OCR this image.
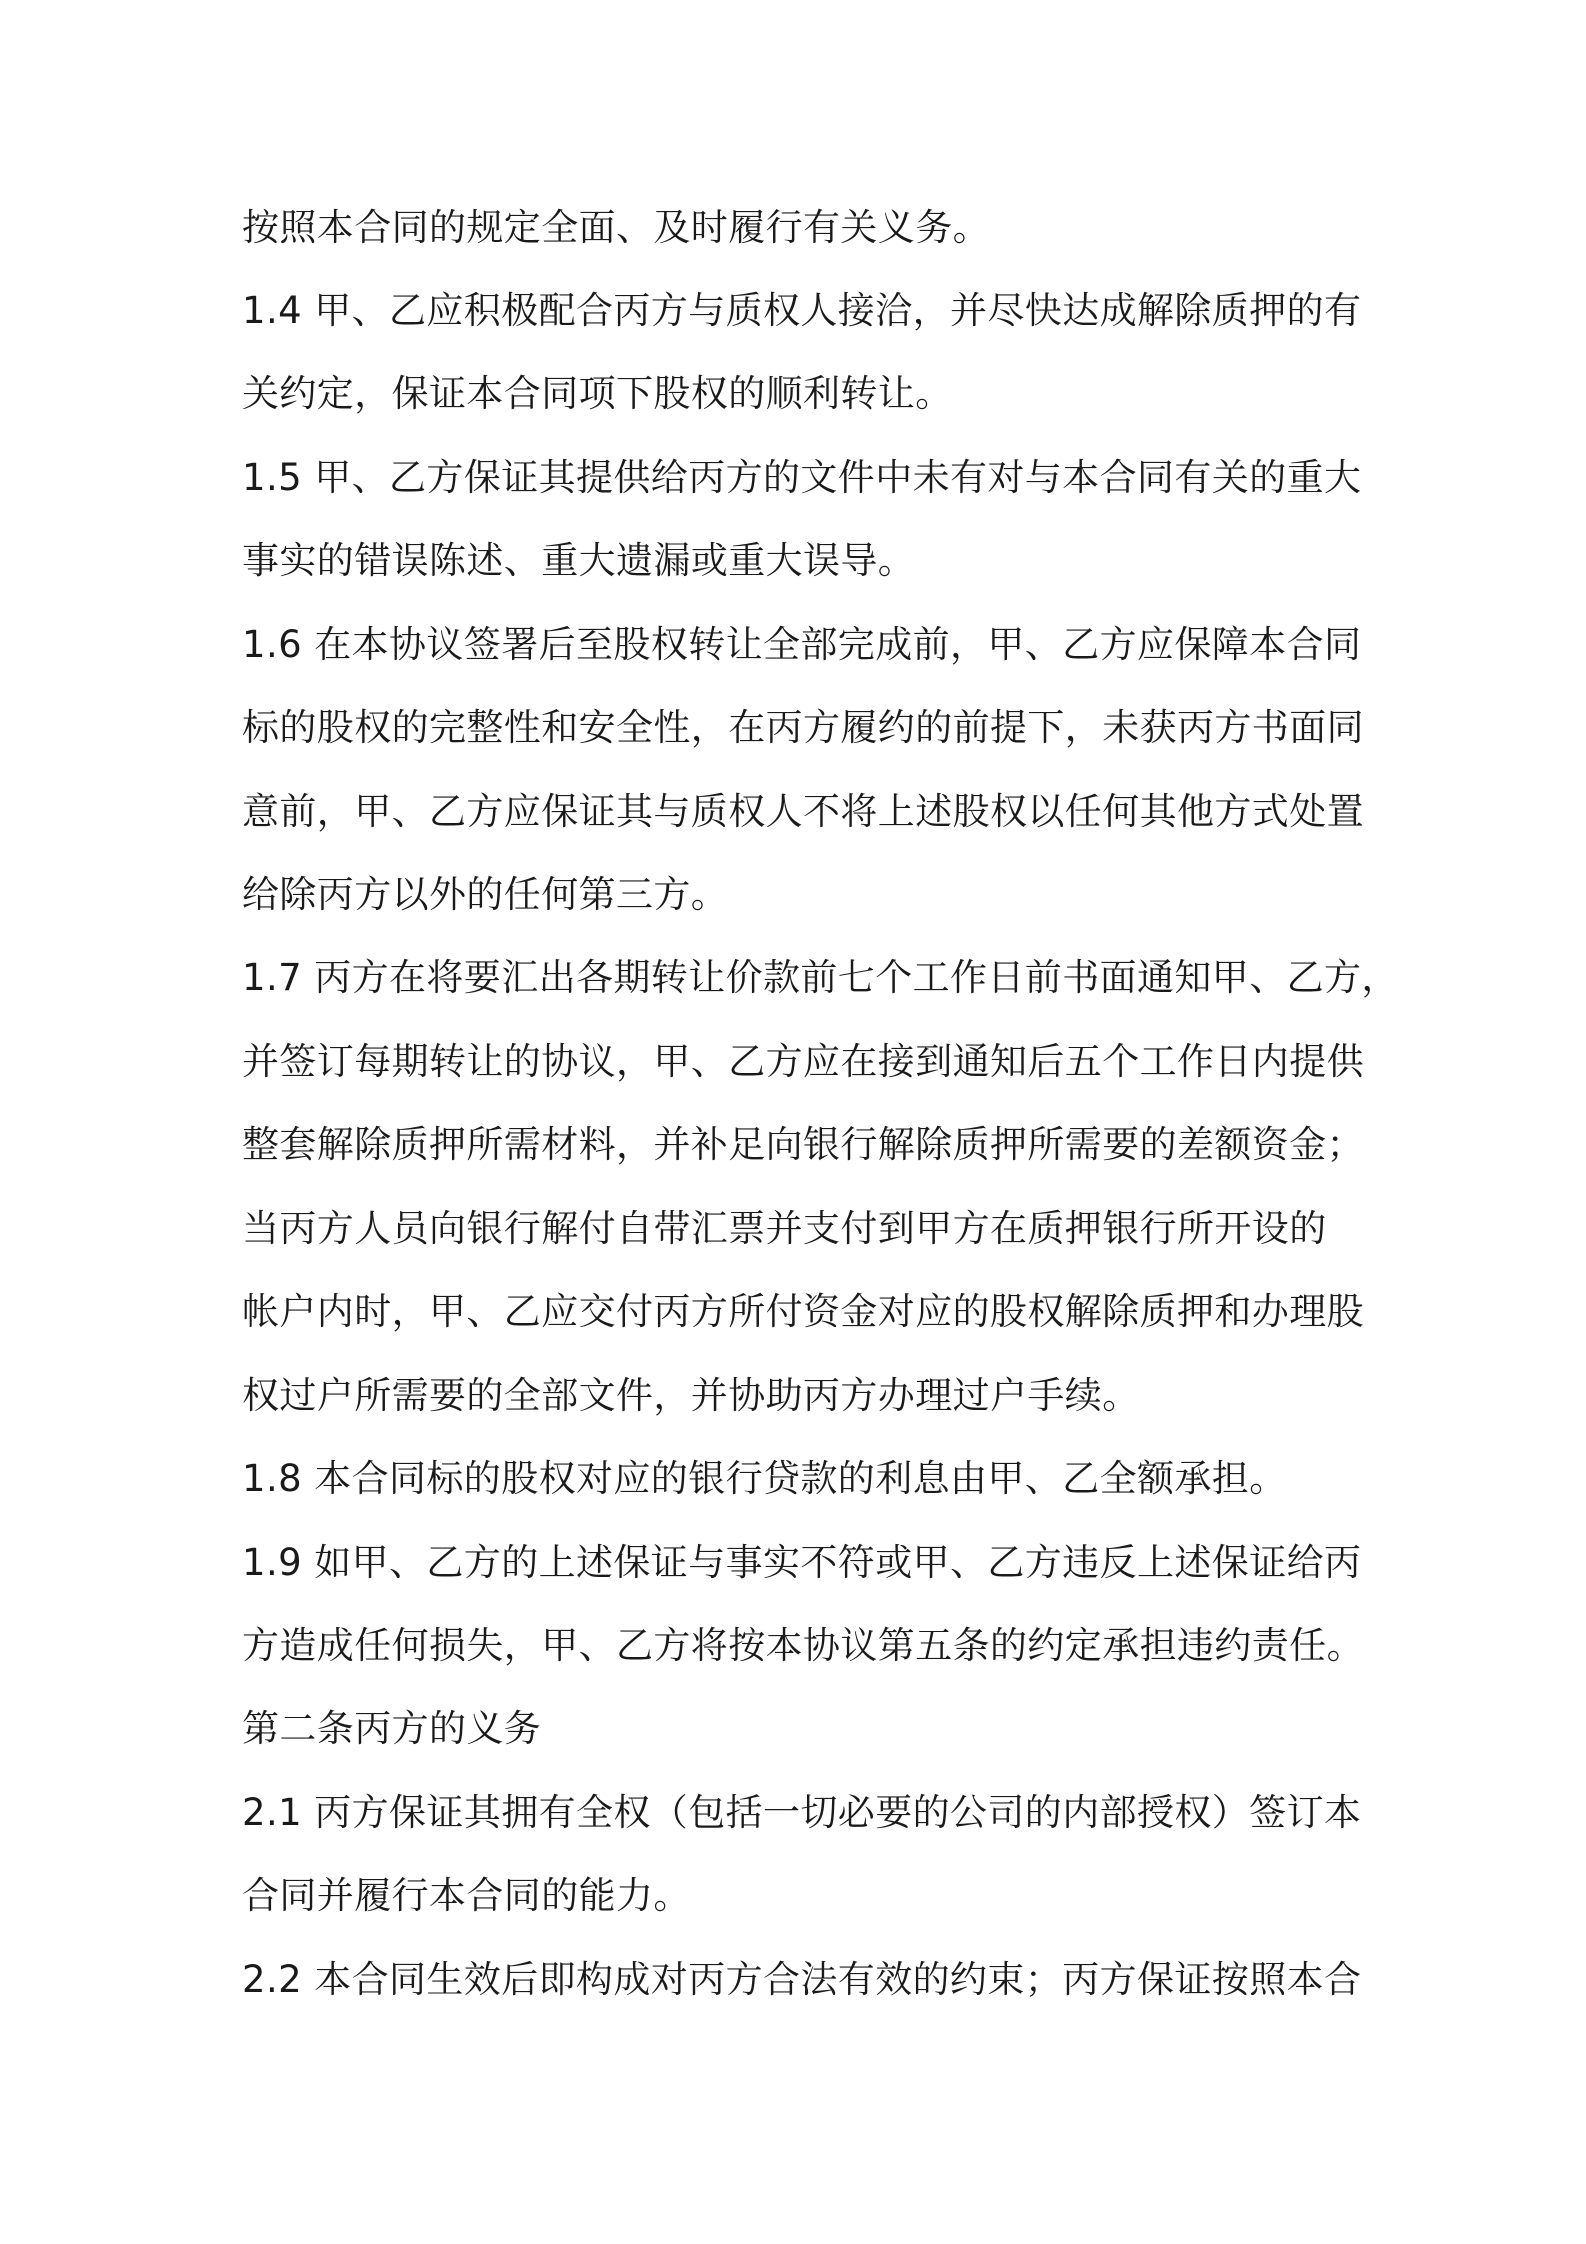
按照本合同的规定全面、及时履行有关义务。
1.4 甲、乙应积极配合丙方与质权人接洽，并尽快达成解除质押的有
关约定，保证本合同项下股权的顺利转让。
1.5 甲、乙方保证其提供给丙方的文件中未有对与本合同有关的重大
事实的错误陈述、重大遗漏或重大误导。
1.6 在本协议签署后至股权转让全部完成前，甲、乙方应保障本合同
标的股权的完整性和安全性，在丙方履约的前提下，未获丙方书面同
意前，甲、乙方应保证其与质权人不将上述股权以任何其他方式处置
给除丙方以外的任何第三方。
1.7 丙方在将要汇出各期转让价款前七个工作日前书面通知甲、乙方，
并签订每期转让的协议，甲、乙方应在接到通知后五个工作日内提供
整套解除质押所需材料，并补足向银行解除质押所需要的差额资金；
当丙方人员向银行解付自带汇票并支付到甲方在质押银行所开设的
帐户内时，甲、乙应交付丙方所付资金对应的股权解除质押和办理股
权过户所需要的全部文件，并协助丙方办理过户手续。
1.8 本合同标的股权对应的银行贷款的利息由甲、乙全额承担。
1.9 如甲、乙方的上述保证与事实不符或甲、乙方违反上述保证给丙
方造成任何损失，甲、乙方将按本协议第五条的约定承担违约责任。
第二条丙方的义务
2.1 丙方保证其拥有全权（包括一切必要的公司的内部授权）签订本
合同并履行本合同的能力。
2.2 本合同生效后即构成对丙方合法有效的约束；丙方保证按照本合
